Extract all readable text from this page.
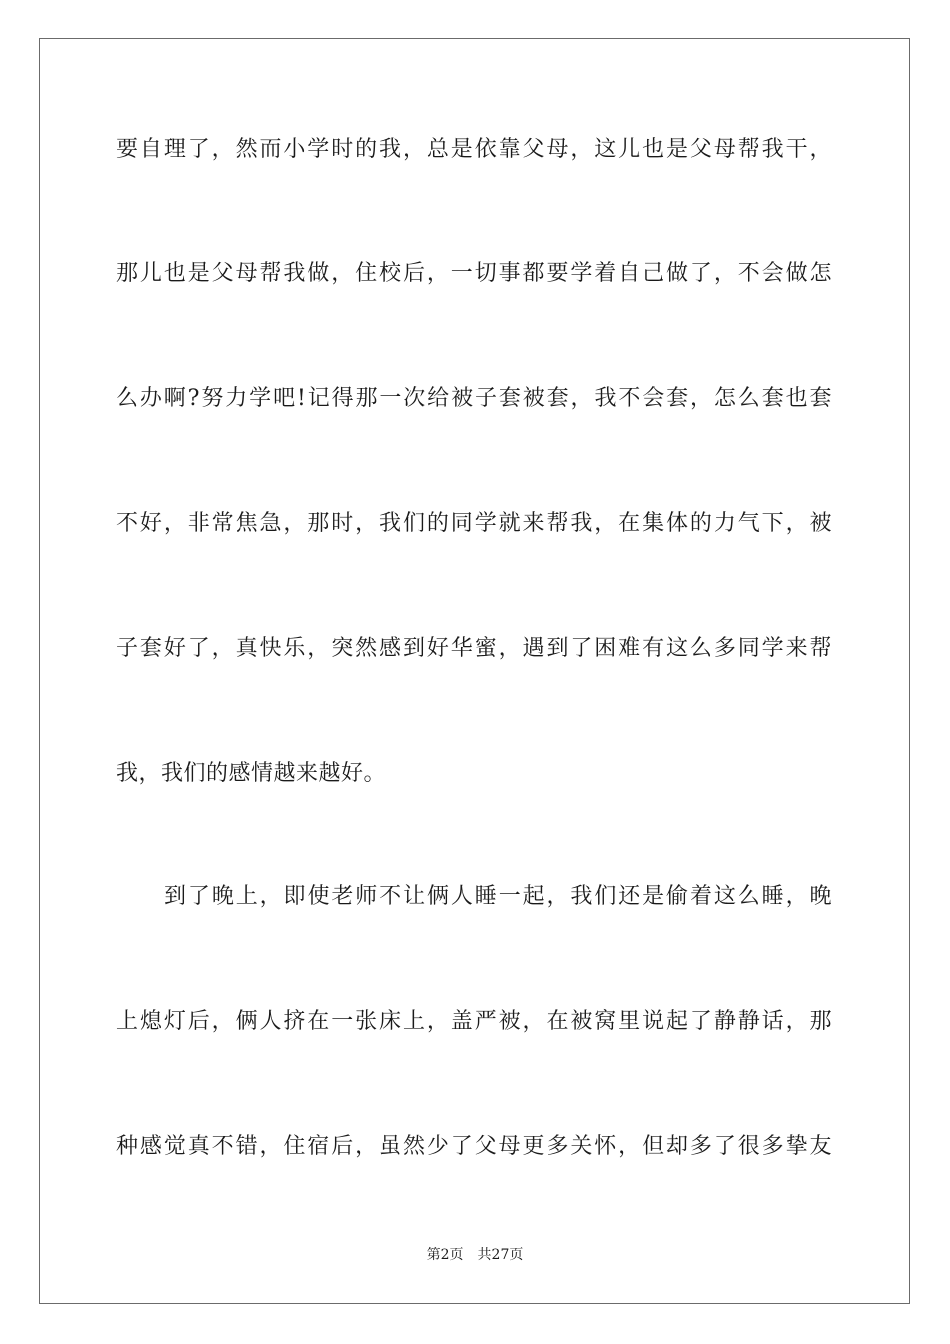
要自理了，然而小学时的我，总是依靠父母，这儿也是父母帮我干，
那儿也是父母帮我做，住校后，一切事都要学着自己做了，不会做怎
么办啊?努力学吧!记得那一次给被子套被套，我不会套，怎么套也套
不好，非常焦急，那时，我们的同学就来帮我，在集体的力气下，被
子套好了，真快乐，突然感到好华蜜，遇到了困难有这么多同学来帮
我，我们的感情越来越好。
到了晚上，即使老师不让俩人睡一起，我们还是偷着这么睡，晚
上熄灯后，俩人挤在一张床上，盖严被，在被窝里说起了静静话，那
种感觉真不错，住宿后，虽然少了父母更多关怀，但却多了很多挚友
第2页 共27页
